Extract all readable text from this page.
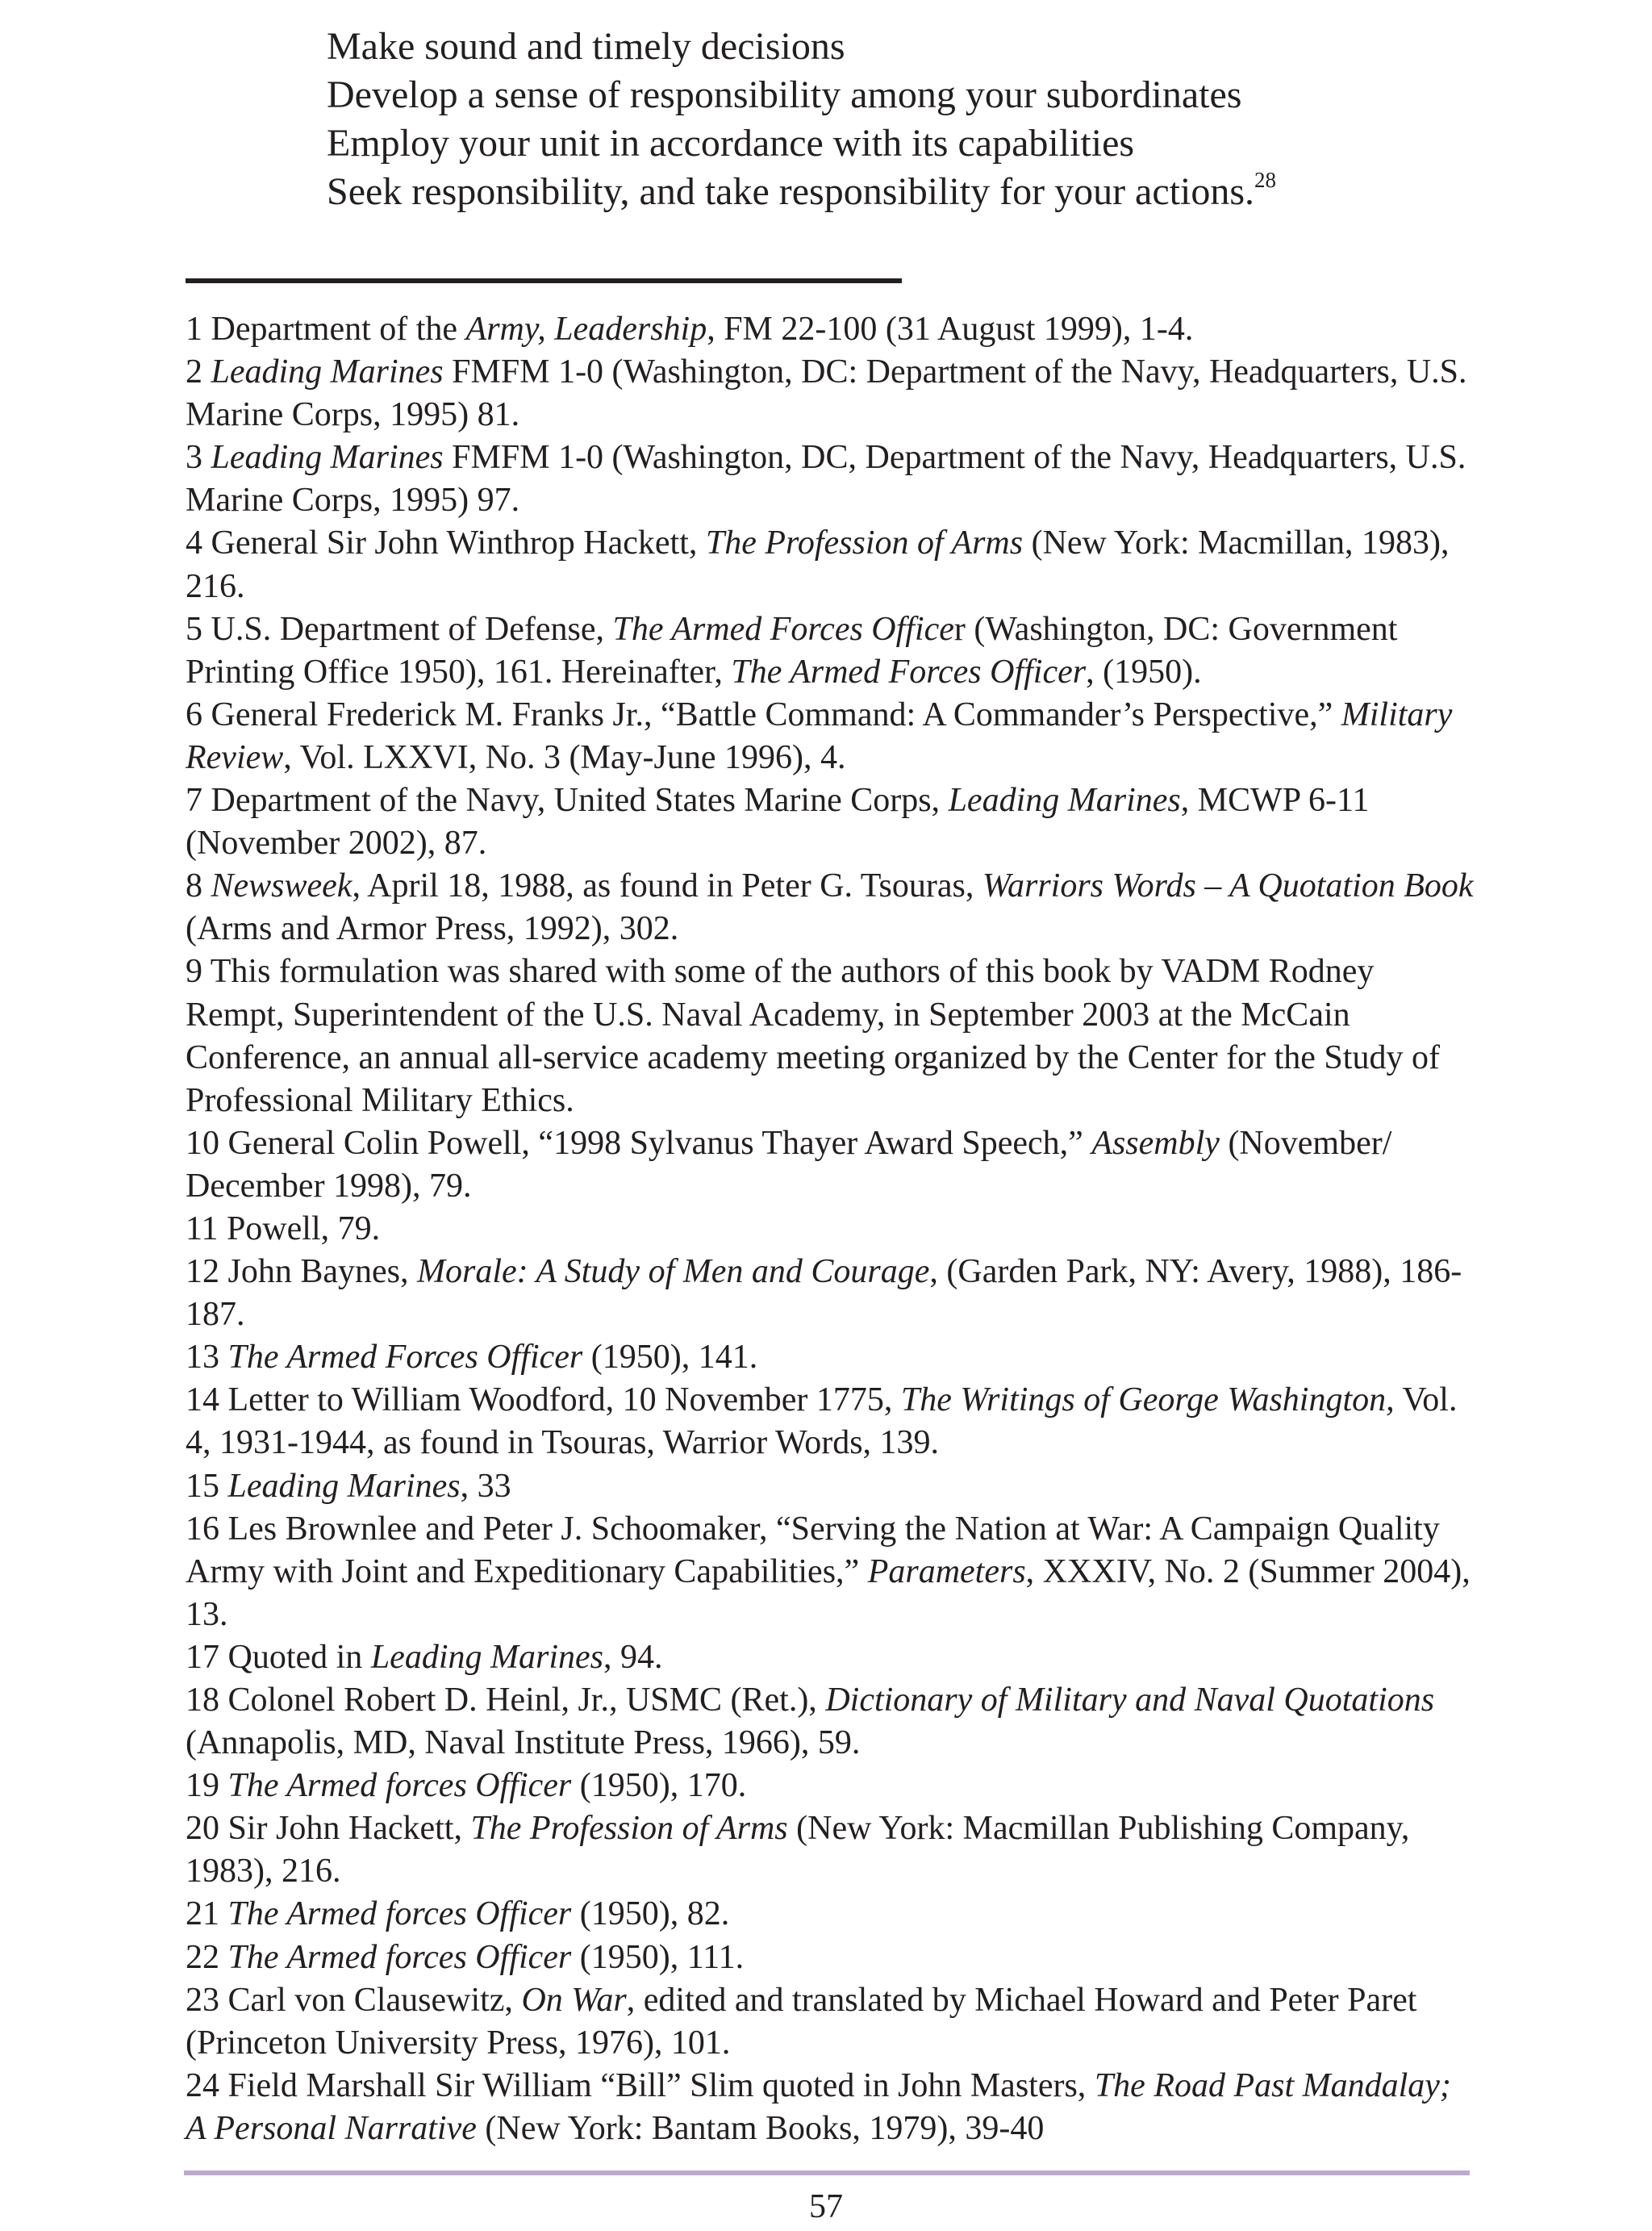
Make sound and timely decisions
Develop a sense of responsibility among your subordinates
Employ your unit in accordance with its capabilities
Seek responsibility, and take responsibility for your actions.$^{28}$

1 Department of the Army, Leadership, FM 22-100 (31 August 1999), 1-4.

2 Leading Marines FMFM 1-0 (Washington, DC: Department of the Navy, Headquarters, U.S. Marine Corps, 1995) 81.

3 Leading Marines FMFM 1-0 (Washington, DC, Department of the Navy, Headquarters, U.S. Marine Corps, 1995) 97.

4 General Sir John Winthrop Hackett, The Profession of Arms (New York: Macmillan, 1983), 216.

5 U.S. Department of Defense, The Armed Forces Officer (Washington, DC: Government Printing Office 1950), 161. Hereinafter, The Armed Forces Officer, (1950).

6 General Frederick M. Franks Jr., “Battle Command: A Commander’s Perspective,” Military Review, Vol. LXXVI, No. 3 (May-June 1996), 4.

7 Department of the Navy, United States Marine Corps, Leading Marines, MCWP 6-11 (November 2002), 87.

8 Newsweek, April 18, 1988, as found in Peter G. Tsouras, Warriors Words – A Quotation Book (Arms and Armor Press, 1992), 302.

9 This formulation was shared with some of the authors of this book by VADM Rodney Rempt, Superintendent of the U.S. Naval Academy, in September 2003 at the McCain Conference, an annual all-service academy meeting organized by the Center for the Study of Professional Military Ethics.

10 General Colin Powell, “1998 Sylvanus Thayer Award Speech,” Assembly (November/ December 1998), 79.

11 Powell, 79.

12 John Baynes, Morale: A Study of Men and Courage, (Garden Park, NY: Avery, 1988), 186-187.

13 The Armed Forces Officer (1950), 141.

14 Letter to William Woodford, 10 November 1775, The Writings of George Washington, Vol. 4, 1931-1944, as found in Tsouras, Warrior Words, 139.

15 Leading Marines, 33

16 Les Brownlee and Peter J. Schoomaker, “Serving the Nation at War: A Campaign Quality Army with Joint and Expeditionary Capabilities,” Parameters, XXXIV, No. 2 (Summer 2004), 13.

17 Quoted in Leading Marines, 94.

18 Colonel Robert D. Heinl, Jr., USMC (Ret.), Dictionary of Military and Naval Quotations (Annapolis, MD, Naval Institute Press, 1966), 59.

19 The Armed forces Officer (1950), 170.

20 Sir John Hackett, The Profession of Arms (New York: Macmillan Publishing Company, 1983), 216.

21 The Armed forces Officer (1950), 82.

22 The Armed forces Officer (1950), 111.

23 Carl von Clausewitz, On War, edited and translated by Michael Howard and Peter Paret (Princeton University Press, 1976), 101.

24 Field Marshall Sir William “Bill” Slim quoted in John Masters, The Road Past Mandalay; A Personal Narrative (New York: Bantam Books, 1979), 39-40

57
